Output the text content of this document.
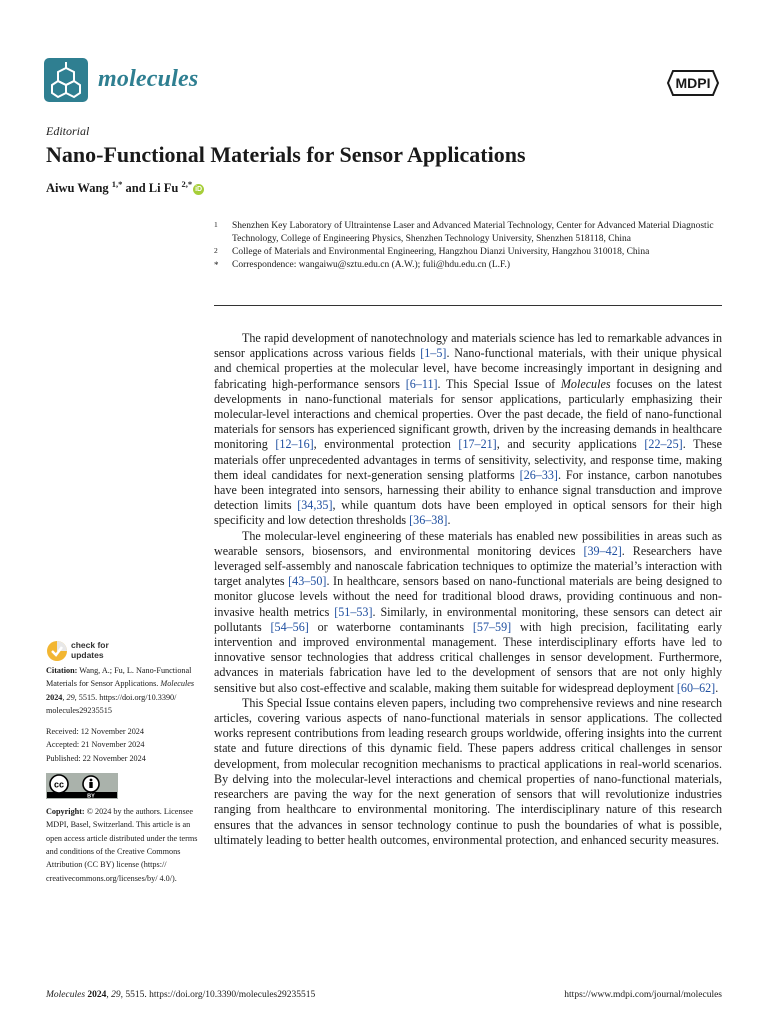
molecules	MDPI
Editorial
Nano-Functional Materials for Sensor Applications
Aiwu Wang $^{1,*}$ and Li Fu $^{2,*}$iD

1 Shenzhen Key Laboratory of Ultraintense Laser and Advanced Material Technology, Center for Advanced Material Diagnostic Technology, College of Engineering Physics, Shenzhen Technology University, Shenzhen 518118, China

2 College of Materials and Environmental Engineering, Hangzhou Dianzi University, Hangzhou 310018, China

* Correspondence: wangaiwu@sztu.edu.cn (A.W.); fuli@hdu.edu.cn (L.F.)

The rapid development of nanotechnology and materials science has led to remarkable advances in sensor applications across various fields [1–5]. Nano-functional materials, with their unique physical and chemical properties at the molecular level, have become increasingly important in designing and fabricating high-performance sensors [6–11]. This Special Issue of Molecules focuses on the latest developments in nano-functional materials for sensor applications, particularly emphasizing their molecular-level interactions and chemical properties. Over the past decade, the field of nano-functional materials for sensors has experienced significant growth, driven by the increasing demands in healthcare monitoring [12–16], environmental protection [17–21], and security applications [22–25]. These materials offer unprecedented advantages in terms of sensitivity, selectivity, and response time, making them ideal candidates for next-generation sensing platforms [26–33]. For instance, carbon nanotubes have been integrated into sensors, harnessing their ability to enhance signal transduction and improve detection limits [34,35], while quantum dots have been employed in optical sensors for their high specificity and low detection thresholds [36–38].

The molecular-level engineering of these materials has enabled new possibilities in areas such as wearable sensors, biosensors, and environmental monitoring devices [39–42]. Researchers have leveraged self-assembly and nanoscale fabrication techniques to optimize the material’s interaction with target analytes [43–50]. In healthcare, sensors based on nano-functional materials are being designed to monitor glucose levels without the need for traditional blood draws, providing continuous and non-invasive health metrics [51–53]. Similarly, in environmental monitoring, these sensors can detect air pollutants [54–56] or waterborne contaminants [57–59] with high precision, facilitating early intervention and improved environmental management. These interdisciplinary efforts have led to innovative sensor technologies that address critical challenges in sensor development. Furthermore, advances in materials fabrication have led to the development of sensors that are not only highly sensitive but also cost-effective and scalable, making them suitable for widespread deployment [60–62].

This Special Issue contains eleven papers, including two comprehensive reviews and nine research articles, covering various aspects of nano-functional materials in sensor applications. The collected works represent contributions from leading research groups worldwide, offering insights into the current state and future directions of this dynamic field. These papers address critical challenges in sensor development, from molecular recognition mechanisms to practical applications in real-world scenarios. By delving into the molecular-level interactions and chemical properties of nano-functional materials, researchers are paving the way for the next generation of sensors that will revolutionize industries ranging from healthcare to environmental monitoring. The interdisciplinary nature of this research ensures that the advances in sensor technology continue to push the boundaries of what is possible, ultimately leading to better health outcomes, environmental protection, and enhanced security measures.

check for
updates

Citation: Wang, A.; Fu, L. Nano-Functional Materials for Sensor Applications. Molecules 2024, 29, 5515. https://doi.org/10.3390/ molecules29235515

Received: 12 November 2024

Accepted: 21 November 2024

Published: 22 November 2024

cc
BY

Copyright: © 2024 by the authors. Licensee MDPI, Basel, Switzerland. This article is an open access article distributed under the terms and conditions of the Creative Commons Attribution (CC BY) license (https:// creativecommons.org/licenses/by/ 4.0/).

Molecules 2024, 29, 5515. https://doi.org/10.3390/molecules29235515	https://www.mdpi.com/journal/molecules
